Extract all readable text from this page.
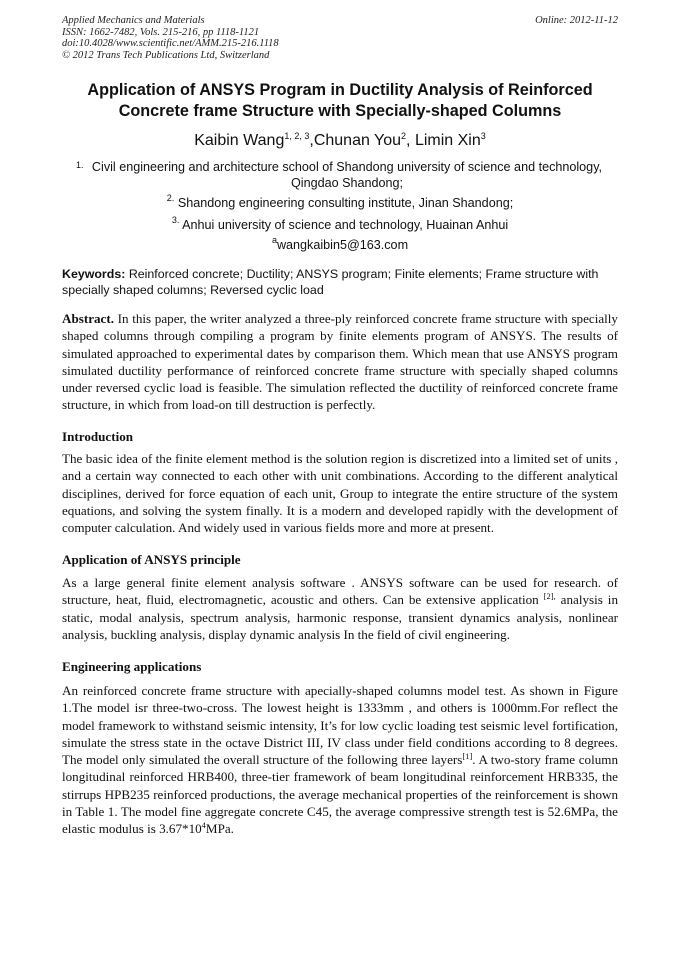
Applied Mechanics and Materials
ISSN: 1662-7482, Vols. 215-216, pp 1118-1121
doi:10.4028/www.scientific.net/AMM.215-216.1118
© 2012 Trans Tech Publications Ltd, Switzerland
Online: 2012-11-12
Application of ANSYS Program in Ductility Analysis of Reinforced Concrete frame Structure with Specially-shaped Columns
Kaibin Wang$^{1, 2, 3}$,Chunan You$^2$, Limin Xin$^3$
1. Civil engineering and architecture school of Shandong university of science and technology, Qingdao Shandong;
$^{2.}$ Shandong engineering consulting institute, Jinan Shandong;
$^{3.}$ Anhui university of science and technology, Huainan Anhui
$^a$wangkaibin5@163.com
Keywords: Reinforced concrete; Ductility; ANSYS program; Finite elements; Frame structure with specially shaped columns; Reversed cyclic load
Abstract. In this paper, the writer analyzed a three-ply reinforced concrete frame structure with specially shaped columns through compiling a program by finite elements program of ANSYS. The results of simulated approached to experimental dates by comparison them. Which mean that use ANSYS program simulated ductility performance of reinforced concrete frame structure with specially shaped columns under reversed cyclic load is feasible. The simulation reflected the ductility of reinforced concrete frame structure, in which from load-on till destruction is perfectly.
Introduction
The basic idea of the finite element method is the solution region is discretized into a limited set of units , and a certain way connected to each other with unit combinations. According to the different analytical disciplines, derived for force equation of each unit, Group to integrate the entire structure of the system equations, and solving the system finally. It is a modern and developed rapidly with the development of computer calculation. And widely used in various fields more and more at present.
Application of ANSYS principle
As a large general finite element analysis software . ANSYS software can be used for research. of structure, heat, fluid, electromagnetic, acoustic and others. Can be extensive application $^{[2],}$ analysis in static, modal analysis, spectrum analysis, harmonic response, transient dynamics analysis, nonlinear analysis, buckling analysis, display dynamic analysis In the field of civil engineering.
Engineering applications
An reinforced concrete frame structure with apecially-shaped columns model test. As shown in Figure 1.The model isr three-two-cross. The lowest height is 1333mm , and others is 1000mm.For reflect the model framework to withstand seismic intensity, It’s for low cyclic loading test seismic level fortification, simulate the stress state in the octave District III, IV class under field conditions according to 8 degrees. The model only simulated the overall structure of the following three layers[1]. A two-story frame column longitudinal reinforced HRB400, three-tier framework of beam longitudinal reinforcement HRB335, the stirrups HPB235 reinforced productions, the average mechanical properties of the reinforcement is shown in Table 1. The model fine aggregate concrete C45, the average compressive strength test is 52.6MPa, the elastic modulus is $3.67*10^4MPa$.
